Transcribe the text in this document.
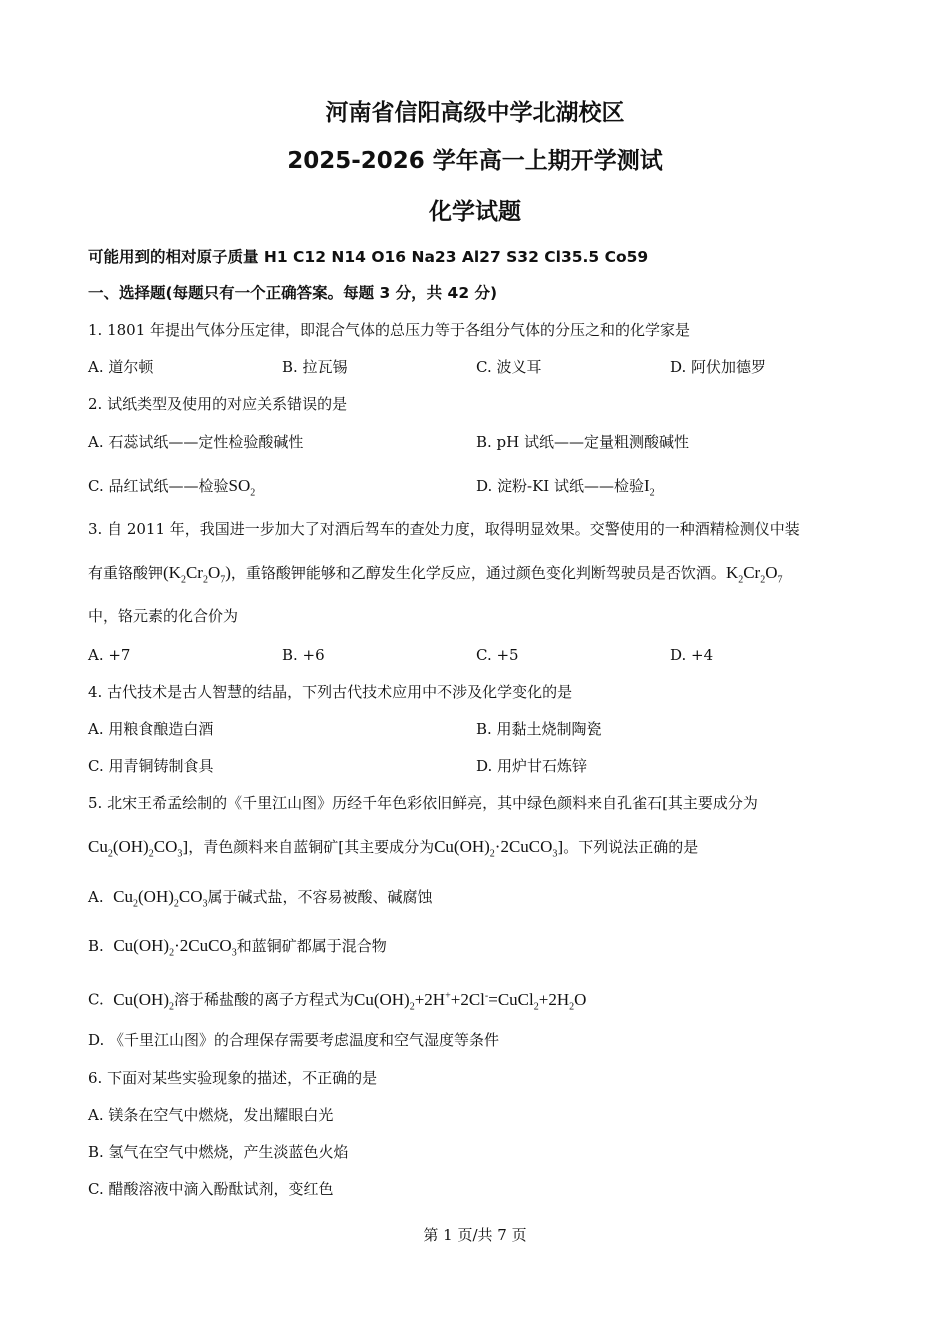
河南省信阳高级中学北湖校区
2025-2026 学年高一上期开学测试
化学试题
可能用到的相对原子质量 H1 C12 N14 O16 Na23 Al27 S32 Cl35.5 Co59
一、选择题(每题只有一个正确答案。每题 3 分，共 42 分)
1. 1801 年提出气体分压定律，即混合气体的总压力等于各组分气体的分压之和的化学家是
A. 道尔顿	B. 拉瓦锡	C. 波义耳	D. 阿伏加德罗
2. 试纸类型及使用的对应关系错误的是
A. 石蕊试纸——定性检验酸碱性	B. pH 试纸——定量粗测酸碱性
C. 品红试纸——检验$SO_2$	D. 淀粉-KI 试纸——检验$I_2$
3. 自 2011 年，我国进一步加大了对酒后驾车的查处力度，取得明显效果。交警使用的一种酒精检测仪中装
有重铬酸钾$(K_2Cr_2O_7)$，重铬酸钾能够和乙醇发生化学反应，通过颜色变化判断驾驶员是否饮酒。$K_2Cr_2O_7$
中，铬元素的化合价为
A. +7	B. +6	C. +5	D. +4
4. 古代技术是古人智慧的结晶，下列古代技术应用中不涉及化学变化的是
A. 用粮食酿造白酒	B. 用黏土烧制陶瓷
C. 用青铜铸制食具	D. 用炉甘石炼锌
5. 北宋王希孟绘制的《千里江山图》历经千年色彩依旧鲜亮，其中绿色颜料来自孔雀石[其主要成分为
$Cu_2(OH)_2CO_3$]，青色颜料来自蓝铜矿[其主要成分为$Cu(OH)_2\cdot 2CuCO_3$]。下列说法正确的是
A. $Cu_2(OH)_2CO_3$属于碱式盐，不容易被酸、碱腐蚀
B. $Cu(OH)_2\cdot 2CuCO_3$和蓝铜矿都属于混合物
C. $Cu(OH)_2$溶于稀盐酸的离子方程式为$Cu(OH)_2+2H^++2Cl^-=CuCl_2+2H_2O$
D. 《千里江山图》的合理保存需要考虑温度和空气湿度等条件
6. 下面对某些实验现象的描述，不正确的是
A. 镁条在空气中燃烧，发出耀眼白光
B. 氢气在空气中燃烧，产生淡蓝色火焰
C. 醋酸溶液中滴入酚酞试剂，变红色
第 1 页/共 7 页
